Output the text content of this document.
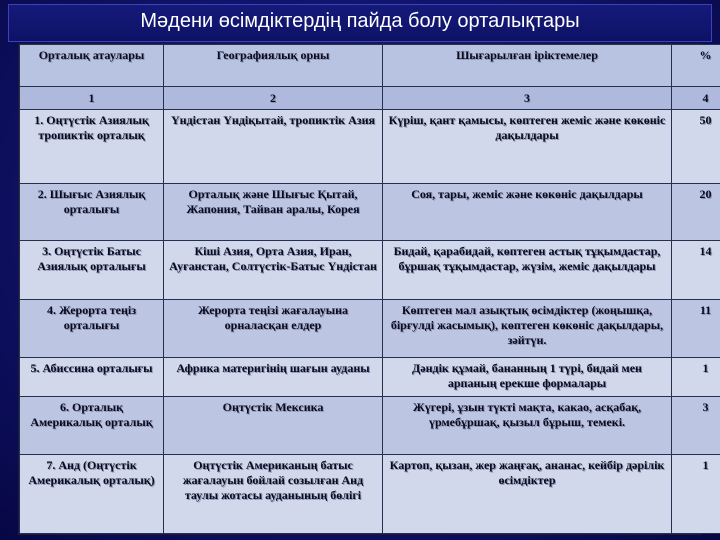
Мәдени өсімдіктердің пайда болу орталықтары
Орталық атаулары	Географиялық орны	Шығарылған іріктемелер	%
1	2	3	4
1. Оңтүстік Азиялық тропиктік орталық	Үндістан Үндіқытай, тропиктік Азия	Күріш, қант қамысы, көптеген жеміс және көкөніс дақылдары	50
2. Шығыс Азиялық орталығы	Орталық және Шығыс Қытай, Жапония, Тайван аралы, Корея	Соя, тары, жеміс және көкөніс дақылдары	20
3. Оңтүстік Батыс Азиялық орталығы	Кіші Азия, Орта Азия, Иран, Ауғанстан, Солтүстік-Батыс Үндістан	Бидай, қарабидай, көптеген астық тұқымдастар, бұршақ тұқымдастар, жүзім, жеміс дақылдары	14
4. Жерорта теңіз орталығы	Жерорта теңізі жағалауына орналасқан елдер	Көптеген мал азықтық өсімдіктер (жоңышқа, бірғулді жасымық), көптеген көкөніс дақылдары, зәйтүн.	11
5. Абиссина орталығы	Африка материгінің шағын ауданы	Дәндік құмай, бананның 1 түрі, бидай мен арпаның ерекше формалары	1
6. Орталық Америкалық орталық	Оңтүстік Мексика	Жүгері, ұзын түкті мақта, какао, асқабақ, үрмебұршақ, қызыл бұрыш, темекі.	3
7. Анд (Оңтүстік Америкалық орталық)	Оңтүстік Американың батыс жағалауын бойлай созылған Анд таулы жотасы ауданының бөлігі	Картоп, қызан, жер жаңғақ, ананас, кейбір дәрілік өсімдіктер	1
